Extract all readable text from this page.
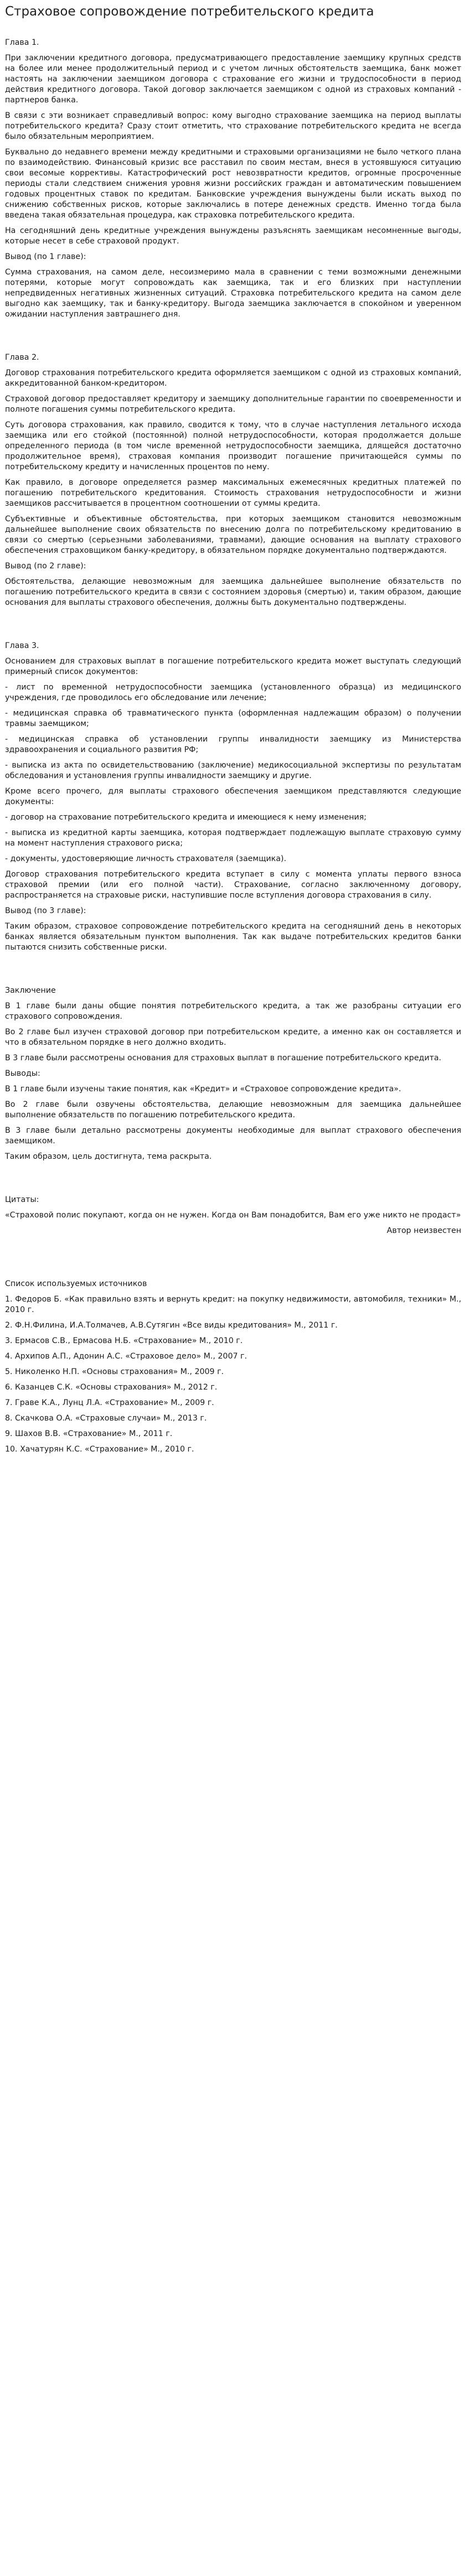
Страховое сопровождение потребительского кредита

Глава 1.

При заключении кредитного договора, предусматривающего предоставление заемщику крупных средств на более или менее продолжительный период и с учетом личных обстоятельств заемщика, банк может настоять на заключении заемщиком договора с страхование его жизни и трудоспособности в период действия кредитного договора. Такой договор заключается заемщиком с одной из страховых компаний - партнеров банка.

В связи с эти возникает справедливый вопрос: кому выгодно страхование заемщика на период выплаты потребительского кредита? Сразу стоит отметить, что страхование потребительского кредита не всегда было обязательным мероприятием.

Буквально до недавнего времени между кредитными и страховыми организациями не было четкого плана по взаимодействию. Финансовый кризис все расставил по своим местам, внеся в устоявшуюся ситуацию свои весомые коррективы. Катастрофический рост невозвратности кредитов, огромные просроченные периоды стали следствием снижения уровня жизни российских граждан и автоматическим повышением годовых процентных ставок по кредитам. Банковские учреждения вынуждены были искать выход по снижению собственных рисков, которые заключались в потере денежных средств. Именно тогда была введена такая обязательная процедура, как страховка потребительского кредита.

На сегодняшний день кредитные учреждения вынуждены разъяснять заемщикам несомненные выгоды, которые несет в себе страховой продукт.

Вывод (по 1 главе):

Сумма страхования, на самом деле, несоизмеримо мала в сравнении с теми возможными денежными потерями, которые могут сопровождать как заемщика, так и его близких при наступлении непредвиденных негативных жизненных ситуаций. Страховка потребительского кредита на самом деле выгодно как заемщику, так и банку-кредитору. Выгода заемщика заключается в спокойном и уверенном ожидании наступления завтрашнего дня.

Глава 2.

Договор страхования потребительского кредита оформляется заемщиком с одной из страховых компаний, аккредитованной банком-кредитором.

Страховой договор предоставляет кредитору и заемщику дополнительные гарантии по своевременности и полноте погашения суммы потребительского кредита.

Суть договора страхования, как правило, сводится к тому, что в случае наступления летального исхода заемщика или его стойкой (постоянной) полной нетрудоспособности, которая продолжается дольше определенного периода (в том числе временной нетрудоспособности заемщика, длящейся достаточно продолжительное время), страховая компания производит погашение причитающейся суммы по потребительскому кредиту и начисленных процентов по нему.

Как правило, в договоре определяется размер максимальных ежемесячных кредитных платежей по погашению потребительского кредитования. Стоимость страхования нетрудоспособности и жизни заемщиков рассчитывается в процентном соотношении от суммы кредита.

Субъективные и объективные обстоятельства, при которых заемщиком становится невозможным дальнейшее выполнение своих обязательств по внесению долга по потребительскому кредитованию в связи со смертью (серьезными заболеваниями, травмами), дающие основания на выплату страхового обеспечения страховщиком банку-кредитору, в обязательном порядке документально подтверждаются.

Вывод (по 2 главе):

Обстоятельства, делающие невозможным для заемщика дальнейшее выполнение обязательств по погашению потребительского кредита в связи с состоянием здоровья (смертью) и, таким образом, дающие основания для выплаты страхового обеспечения, должны быть документально подтверждены.

Глава 3.

Основанием для страховых выплат в погашение потребительского кредита может выступать следующий примерный список документов:

- лист по временной нетрудоспособности заемщика (установленного образца) из медицинского учреждения, где проводилось его обследование или лечение;

- медицинская справка об травматического пункта (оформленная надлежащим образом) о получении травмы заемщиком;

- медицинская справка об установлении группы инвалидности заемщику из Министерства здравоохранения и социального развития РФ;

- выписка из акта по освидетельствованию (заключение) медикосоциальной экспертизы по результатам обследования и установления группы инвалидности заемщику и другие.

Кроме всего прочего, для выплаты страхового обеспечения заемщиком представляются следующие документы:

- договор на страхование потребительского кредита и имеющиеся к нему изменения;

- выписка из кредитной карты заемщика, которая подтверждает подлежащую выплате страховую сумму на момент наступления страхового риска;

- документы, удостоверяющие личность страхователя (заемщика).

Договор страхования потребительского кредита вступает в силу с момента уплаты первого взноса страховой премии (или его полной части). Страхование, согласно заключенному договору, распространяется на страховые риски, наступившие после вступления договора страхования в силу.

Вывод (по 3 главе):

Таким образом, страховое сопровождение потребительского кредита на сегодняшний день в некоторых банках является обязательным пунктом выполнения. Так как выдаче потребительских кредитов банки пытаются снизить собственные риски.

Заключение

В 1 главе были даны общие понятия потребительского кредита, а так же разобраны ситуации его страхового сопровождения.

Во 2 главе был изучен страховой договор при потребительском кредите, а именно как он составляется и что в обязательном порядке в него должно входить.

В 3 главе были рассмотрены основания для страховых выплат в погашение потребительского кредита.

Выводы:

В 1 главе были изучены такие понятия, как «Кредит» и «Страховое сопровождение кредита».

Во 2 главе были озвучены обстоятельства, делающие невозможным для заемщика дальнейшее выполнение обязательств по погашению потребительского кредита.

В 3 главе были детально рассмотрены документы необходимые для выплат страхового обеспечения заемщиком.

Таким образом, цель достигнута, тема раскрыта.

Цитаты:

«Страховой полис покупают, когда он не нужен. Когда он Вам понадобится, Вам его уже никто не продаст»

Автор неизвестен

Список используемых источников

1. Федоров Б. «Как правильно взять и вернуть кредит: на покупку недвижимости, автомобиля, техники» М., 2010 г.

2. Ф.Н.Филина, И.А.Толмачев, А.В.Сутягин «Все виды кредитования» М., 2011 г.

3. Ермасов С.В., Ермасова Н.Б. «Страхование» М., 2010 г.

4. Архипов А.П., Адонин А.С. «Страховое дело» М., 2007 г.

5. Николенко Н.П. «Основы страхования» М., 2009 г.

6. Казанцев С.К. «Основы страхования» М., 2012 г.

7. Граве К.А., Лунц Л.А. «Страхование» М., 2009 г.

8. Скачкова О.А. «Страховые случаи» М., 2013 г.

9. Шахов В.В. «Страхование» М., 2011 г.

10. Хачатурян К.С. «Страхование» М., 2010 г.
